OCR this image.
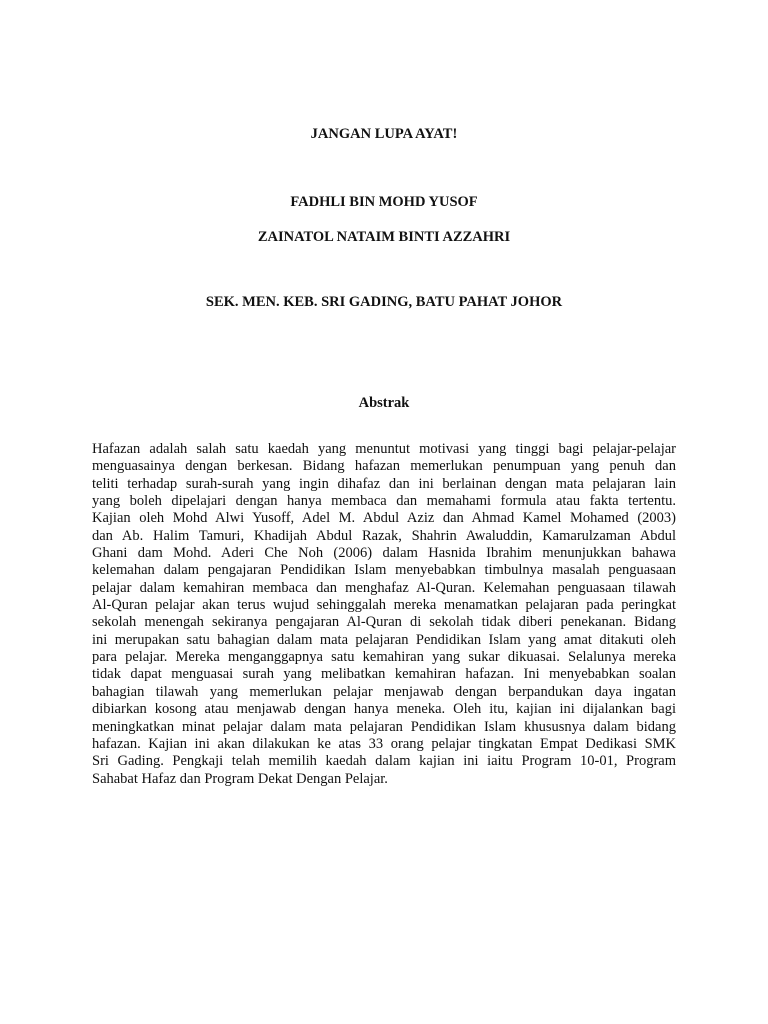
JANGAN LUPA AYAT!
FADHLI BIN MOHD YUSOF
ZAINATOL NATAIM BINTI AZZAHRI
SEK. MEN. KEB. SRI GADING, BATU PAHAT JOHOR
Abstrak
Hafazan adalah salah satu kaedah yang menuntut motivasi yang tinggi bagi pelajar-pelajar
menguasainya dengan berkesan. Bidang hafazan memerlukan penumpuan yang penuh dan
teliti terhadap surah-surah yang ingin dihafaz dan ini berlainan dengan mata pelajaran lain
yang boleh dipelajari dengan hanya membaca dan memahami formula atau fakta tertentu.
Kajian oleh Mohd Alwi Yusoff, Adel M. Abdul Aziz dan Ahmad Kamel Mohamed (2003)
dan Ab. Halim Tamuri, Khadijah Abdul Razak, Shahrin Awaluddin, Kamarulzaman Abdul
Ghani dam Mohd. Aderi Che Noh (2006) dalam Hasnida Ibrahim menunjukkan bahawa
kelemahan dalam pengajaran Pendidikan Islam menyebabkan timbulnya masalah penguasaan
pelajar dalam kemahiran membaca dan menghafaz Al-Quran. Kelemahan penguasaan tilawah
Al-Quran pelajar akan terus wujud sehinggalah mereka menamatkan pelajaran pada peringkat
sekolah menengah sekiranya pengajaran Al-Quran di sekolah tidak diberi penekanan. Bidang
ini merupakan satu bahagian dalam mata pelajaran Pendidikan Islam yang amat ditakuti oleh
para pelajar. Mereka menganggapnya satu kemahiran yang sukar dikuasai. Selalunya mereka
tidak dapat menguasai surah yang melibatkan kemahiran hafazan. Ini menyebabkan soalan
bahagian tilawah yang memerlukan pelajar menjawab dengan berpandukan daya ingatan
dibiarkan kosong atau menjawab dengan hanya meneka. Oleh itu, kajian ini dijalankan bagi
meningkatkan minat pelajar dalam mata pelajaran Pendidikan Islam khususnya dalam bidang
hafazan. Kajian ini akan dilakukan ke atas 33 orang pelajar tingkatan Empat Dedikasi SMK
Sri Gading. Pengkaji telah memilih kaedah dalam kajian ini iaitu Program 10-01, Program
Sahabat Hafaz dan Program Dekat Dengan Pelajar.
